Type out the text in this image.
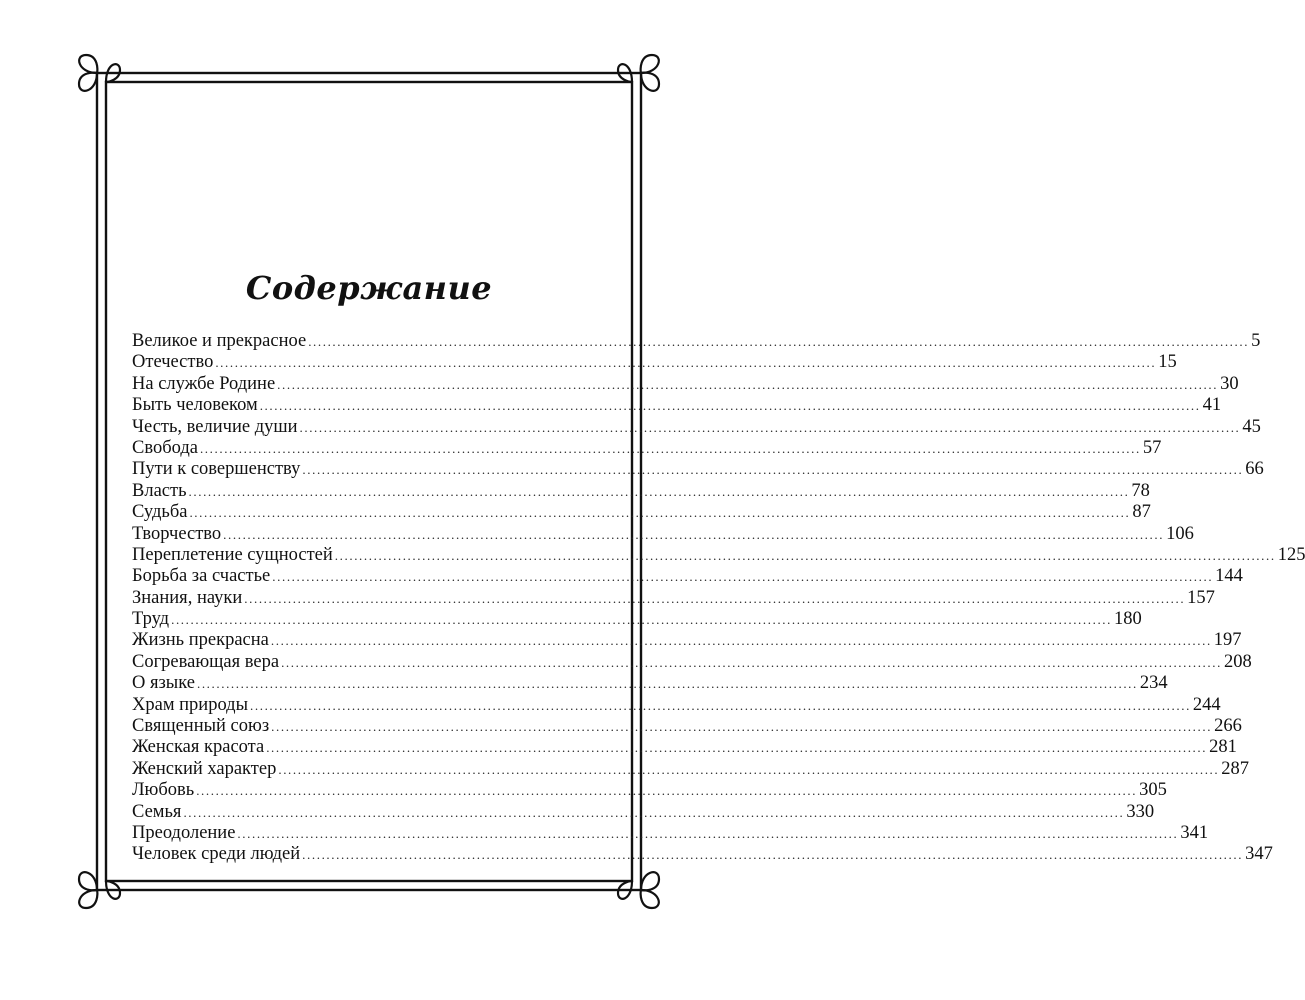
Содержание
Великое и прекрасное .................................................................................................................................................................................................. 5
Отечество .................................................................................................................................................................................................. 15
На службе Родине .................................................................................................................................................................................................. 30
Быть человеком .................................................................................................................................................................................................. 41
Честь, величие души .................................................................................................................................................................................................. 45
Свобода .................................................................................................................................................................................................. 57
Пути к совершенству .................................................................................................................................................................................................. 66
Власть .................................................................................................................................................................................................. 78
Судьба .................................................................................................................................................................................................. 87
Творчество .................................................................................................................................................................................................. 106
Переплетение сущностей .................................................................................................................................................................................................. 125
Борьба за счастье .................................................................................................................................................................................................. 144
Знания, науки .................................................................................................................................................................................................. 157
Труд .................................................................................................................................................................................................. 180
Жизнь прекрасна .................................................................................................................................................................................................. 197
Согревающая вера .................................................................................................................................................................................................. 208
О языке .................................................................................................................................................................................................. 234
Храм природы .................................................................................................................................................................................................. 244
Священный союз .................................................................................................................................................................................................. 266
Женская красота .................................................................................................................................................................................................. 281
Женский характер .................................................................................................................................................................................................. 287
Любовь .................................................................................................................................................................................................. 305
Семья .................................................................................................................................................................................................. 330
Преодоление .................................................................................................................................................................................................. 341
Человек среди людей .................................................................................................................................................................................................. 347
